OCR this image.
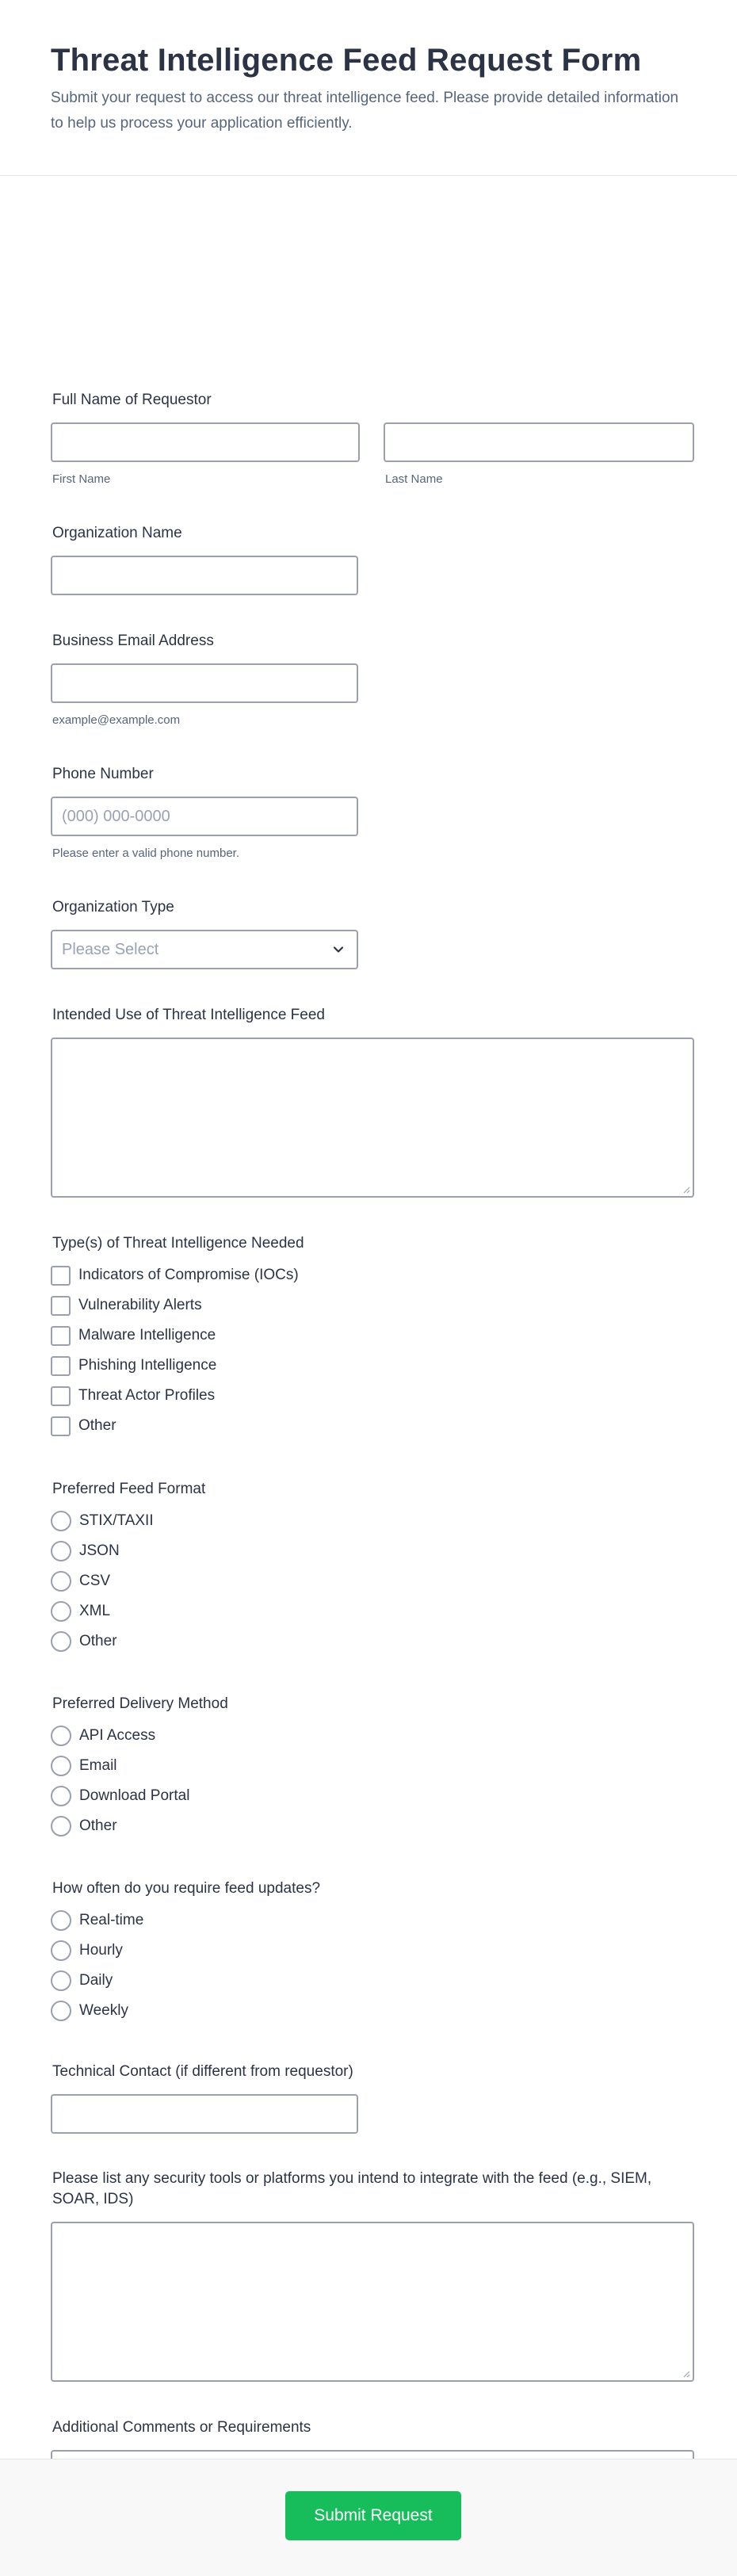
Threat Intelligence Feed Request Form

Submit your request to access our threat intelligence feed. Please provide detailed information to help us process your application efficiently.

Full Name of Requestor
First Name	Last Name
Organization Name
Business Email Address
example@example.com
Phone Number
(000) 000-0000
Please enter a valid phone number.
Organization Type
Please Select
Intended Use of Threat Intelligence Feed
Type(s) of Threat Intelligence Needed
Indicators of Compromise (IOCs)
Vulnerability Alerts
Malware Intelligence
Phishing Intelligence
Threat Actor Profiles
Other
Preferred Feed Format
STIX/TAXII
JSON
CSV
XML
Other
Preferred Delivery Method
API Access
Email
Download Portal
Other
How often do you require feed updates?
Real-time
Hourly
Daily
Weekly
Technical Contact (if different from requestor)
Please list any security tools or platforms you intend to integrate with the feed (e.g., SIEM, SOAR, IDS)
Additional Comments or Requirements
Submit Request
